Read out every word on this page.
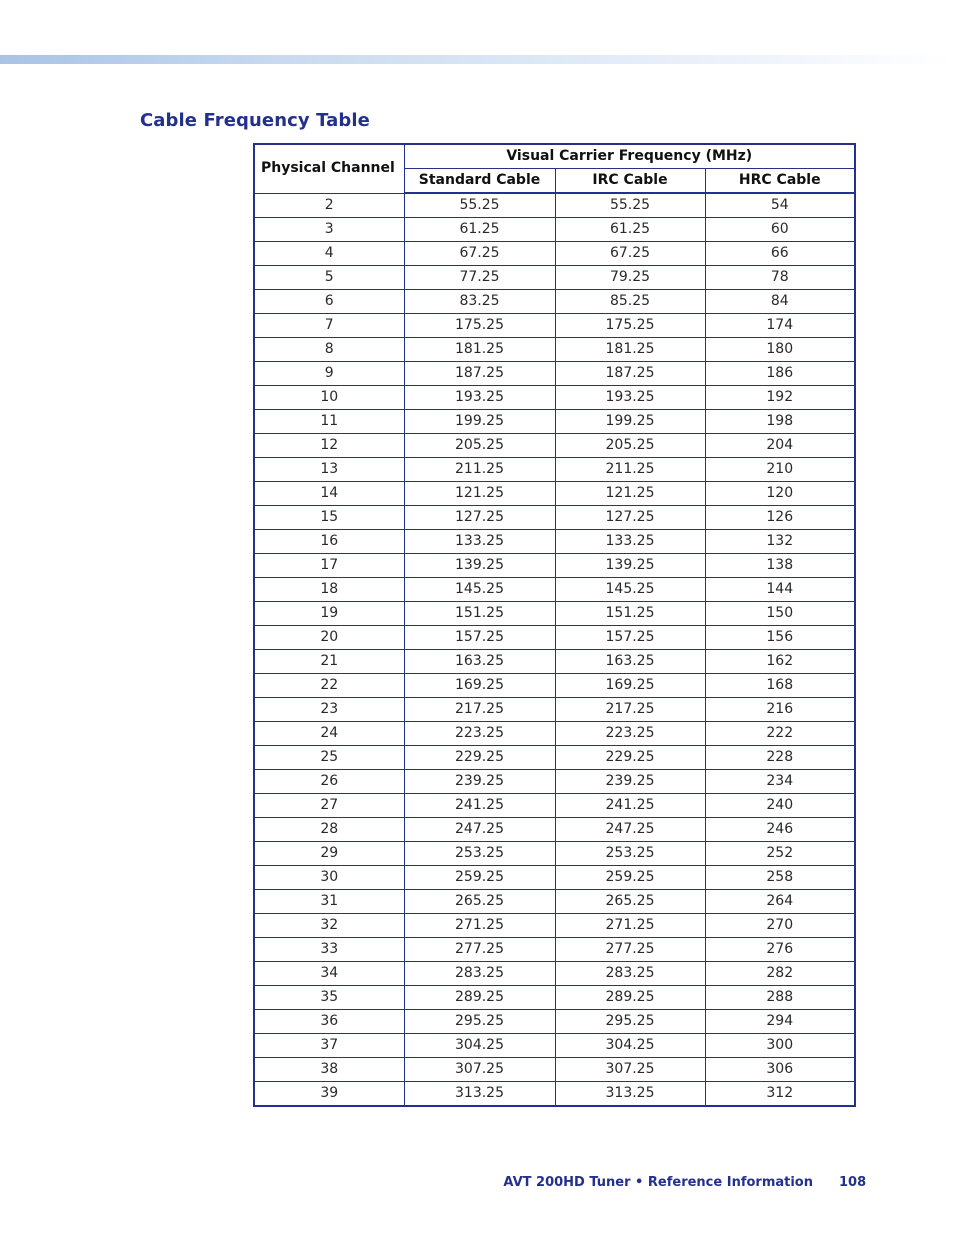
Cable Frequency Table
Physical Channel	Visual Carrier Frequency (MHz)		
	Standard Cable	IRC Cable	HRC Cable
2	55.25	55.25	54
3	61.25	61.25	60
4	67.25	67.25	66
5	77.25	79.25	78
6	83.25	85.25	84
7	175.25	175.25	174
8	181.25	181.25	180
9	187.25	187.25	186
10	193.25	193.25	192
11	199.25	199.25	198
12	205.25	205.25	204
13	211.25	211.25	210
14	121.25	121.25	120
15	127.25	127.25	126
16	133.25	133.25	132
17	139.25	139.25	138
18	145.25	145.25	144
19	151.25	151.25	150
20	157.25	157.25	156
21	163.25	163.25	162
22	169.25	169.25	168
23	217.25	217.25	216
24	223.25	223.25	222
25	229.25	229.25	228
26	239.25	239.25	234
27	241.25	241.25	240
28	247.25	247.25	246
29	253.25	253.25	252
30	259.25	259.25	258
31	265.25	265.25	264
32	271.25	271.25	270
33	277.25	277.25	276
34	283.25	283.25	282
35	289.25	289.25	288
36	295.25	295.25	294
37	304.25	304.25	300
38	307.25	307.25	306
39	313.25	313.25	312
AVT 200HD Tuner • Reference Information 108
